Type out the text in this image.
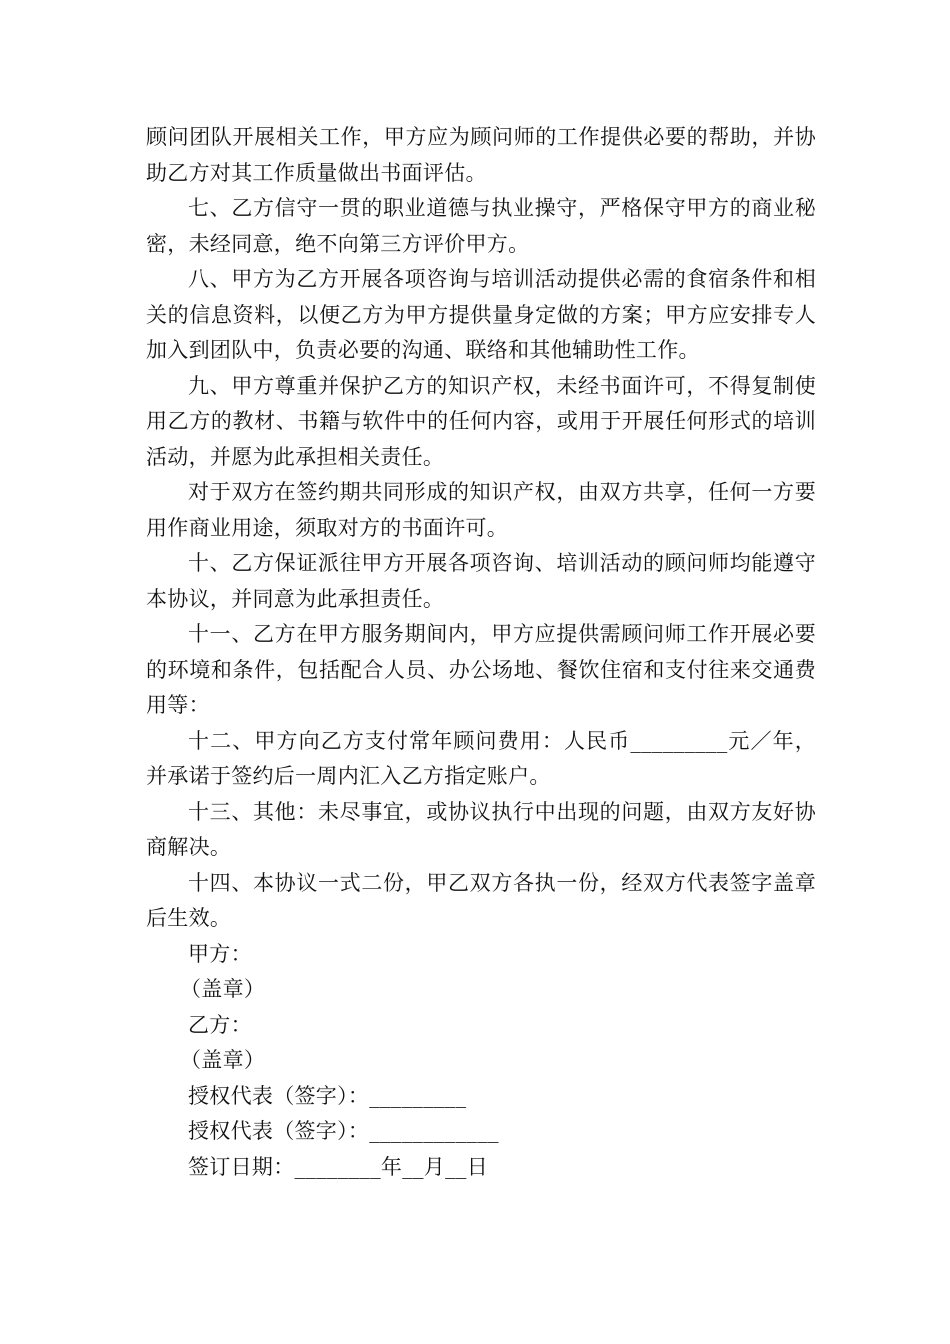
顾问团队开展相关工作，甲方应为顾问师的工作提供必要的帮助，并协助乙方对其工作质量做出书面评估。

七、乙方信守一贯的职业道德与执业操守，严格保守甲方的商业秘密，未经同意，绝不向第三方评价甲方。

八、甲方为乙方开展各项咨询与培训活动提供必需的食宿条件和相关的信息资料，以便乙方为甲方提供量身定做的方案；甲方应安排专人加入到团队中，负责必要的沟通、联络和其他辅助性工作。

九、甲方尊重并保护乙方的知识产权，未经书面许可，不得复制使用乙方的教材、书籍与软件中的任何内容，或用于开展任何形式的培训活动，并愿为此承担相关责任。

对于双方在签约期共同形成的知识产权，由双方共享，任何一方要用作商业用途，须取对方的书面许可。

十、乙方保证派往甲方开展各项咨询、培训活动的顾问师均能遵守本协议，并同意为此承担责任。

十一、乙方在甲方服务期间内，甲方应提供需顾问师工作开展必要的环境和条件，包括配合人员、办公场地、餐饮住宿和支付往来交通费用等：

十二、甲方向乙方支付常年顾问费用：人民币_________元／年，并承诺于签约后一周内汇入乙方指定账户。

十三、其他：未尽事宜，或协议执行中出现的问题，由双方友好协商解决。

十四、本协议一式二份，甲乙双方各执一份，经双方代表签字盖章后生效。

甲方：

（盖章）

乙方：

（盖章）

授权代表（签字）：_________

授权代表（签字）：____________

签订日期：________年__月__日
